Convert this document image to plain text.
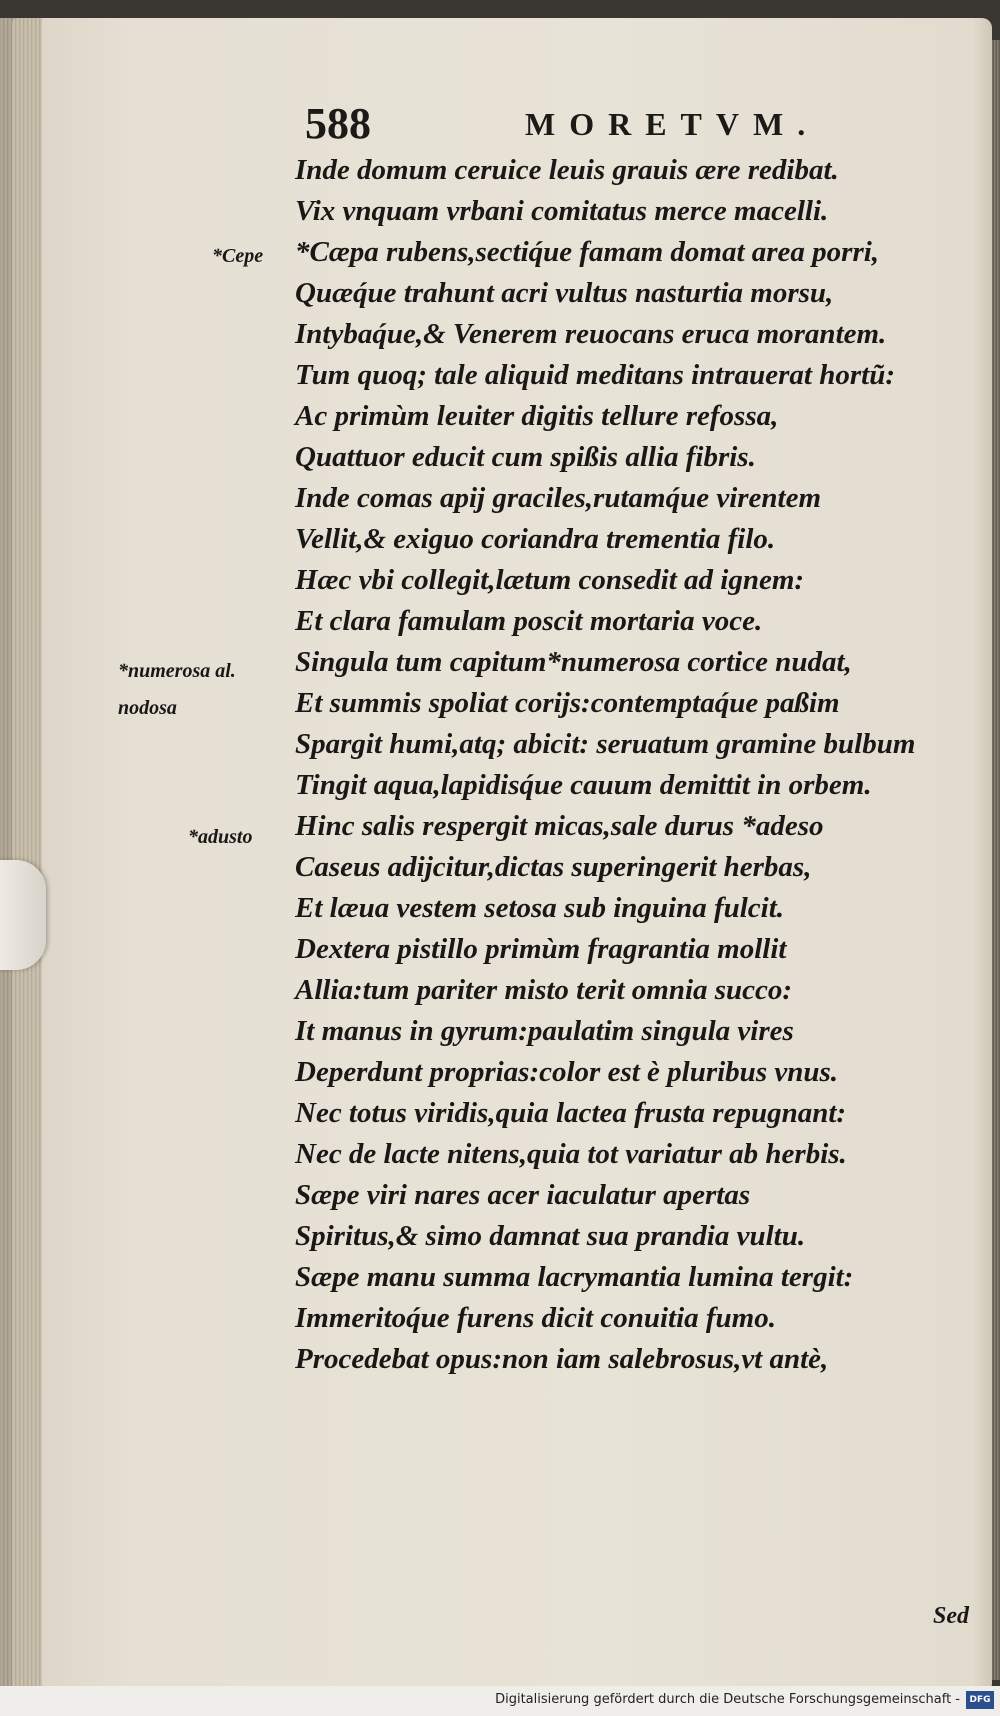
588	MORETVM.
*Cepe
*numerosa al.
nodosa
*adusto
Inde domum ceruice leuis grauis ære redibat.
Vix vnquam vrbani comitatus merce macelli.
*Cæpa rubens,sectiq́ue famam domat area porri,
Quæq́ue trahunt acri vultus nasturtia morsu,
Intybaq́ue,& Venerem reuocans eruca morantem.
Tum quoq; tale aliquid meditans intrauerat hortũ:
Ac primùm leuiter digitis tellure refossa,
Quattuor educit cum spißis allia fibris.
Inde comas apij graciles,rutamq́ue virentem
Vellit,& exiguo coriandra trementia filo.
Hæc vbi collegit,lætum consedit ad ignem:
Et clara famulam poscit mortaria voce.
Singula tum capitum*numerosa cortice nudat,
Et summis spoliat corijs:contemptaq́ue paßim
Spargit humi,atq; abicit: seruatum gramine bulbum
Tingit aqua,lapidisq́ue cauum demittit in orbem.
Hinc salis respergit micas,sale durus *adeso
Caseus adijcitur,dictas superingerit herbas,
Et læua vestem setosa sub inguina fulcit.
Dextera pistillo primùm fragrantia mollit
Allia:tum pariter misto terit omnia succo:
It manus in gyrum:paulatim singula vires
Deperdunt proprias:color est è pluribus vnus.
Nec totus viridis,quia lactea frusta repugnant:
Nec de lacte nitens,quia tot variatur ab herbis.
Sæpe viri nares acer iaculatur apertas
Spiritus,& simo damnat sua prandia vultu.
Sæpe manu summa lacrymantia lumina tergit:
Immeritoq́ue furens dicit conuitia fumo.
Procedebat opus:non iam salebrosus,vt antè,
Sed
Digitalisierung gefördert durch die Deutsche Forschungsgemeinschaft -	DFG
